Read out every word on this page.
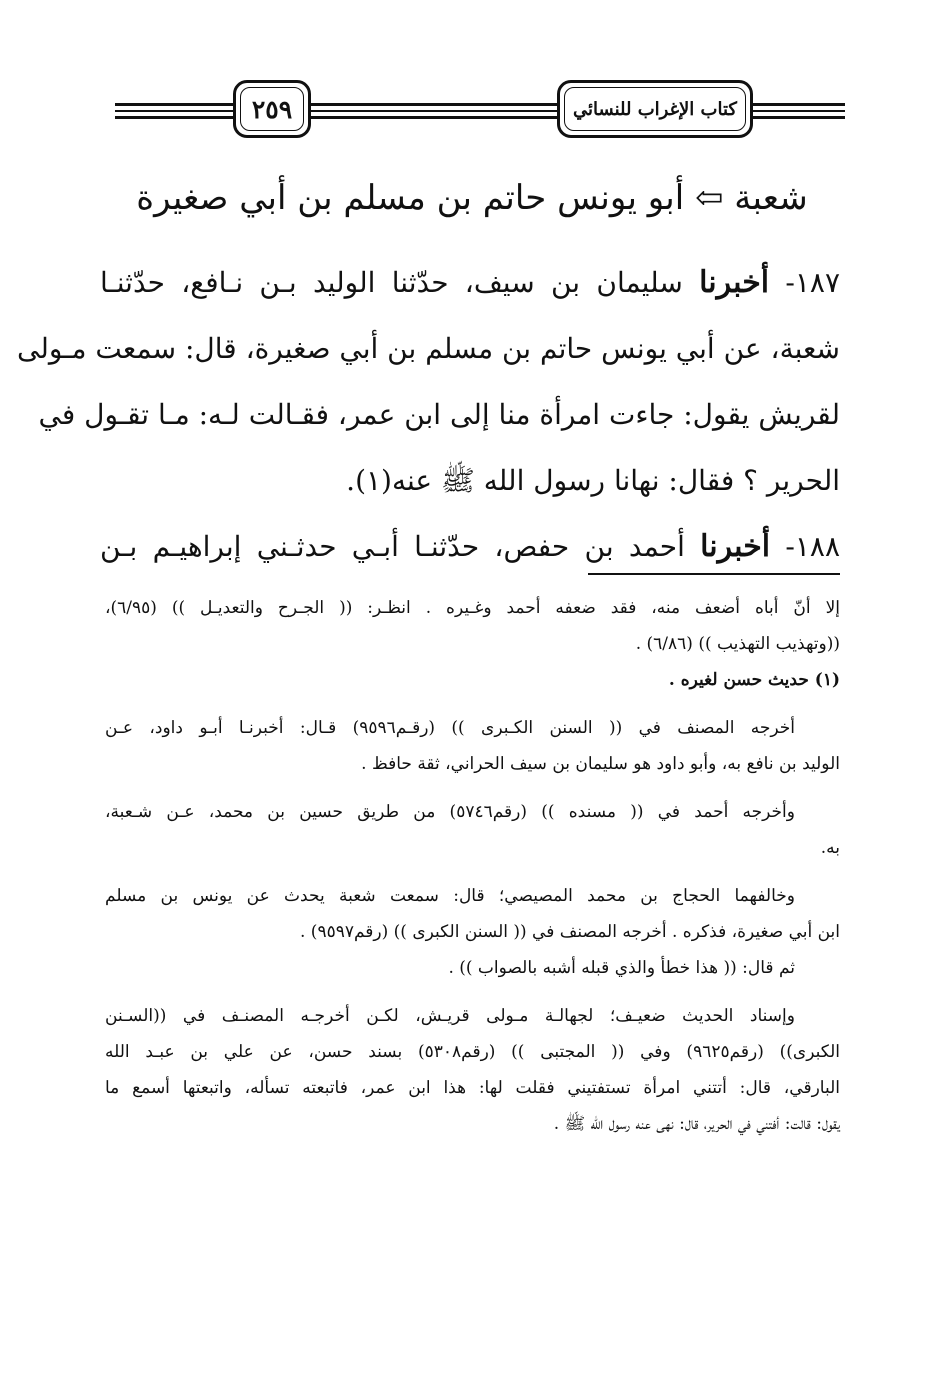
٢٥٩	كتاب الإغراب للنسائي
شعبة ⇦ أبو يونس حاتم بن مسلم بن أبي صغيرة
١٨٧- أخبرنا سليمان بن سيف، حدّثنا الوليد بـن نـافع، حدّثنـا
شعبة، عن أبي يونس حاتم بن مسلم بن أبي صغيرة، قال: سمعت مـولى
لقريش يقول: جاءت امرأة منا إلى ابن عمر، فقـالت لـه: مـا تقـول في
الحرير ؟ فقال: نهانا رسول الله ﷺ عنه(١).
١٨٨- أخبرنا أحمد بن حفص، حدّثنـا أبـي حدثـني إبراهيـم بـن
إلا أنّ أباه أضعف منه، فقد ضعفه أحمد وغـيره . انظـر: (( الجـرح والتعديـل )) (٦/٩٥)،
((وتهذيب التهذيب )) (٦/٨٦) .
(١) حديث حسن لغيره .
أخرجه المصنف في (( السنن الكـبرى )) (رقـم٩٥٩٦) قـال: أخبرنـا أبـو داود، عـن
الوليد بن نافع به، وأبو داود هو سليمان بن سيف الحراني، ثقة حافظ .
وأخرجه أحمد في (( مسنده )) (رقم٥٧٤٦) من طريق حسين بن محمد، عـن شـعبة،
به.
وخالفهما الحجاج بن محمد المصيصي؛ قال: سمعت شعبة يحدث عن يونس بن مسلم
ابن أبي صغيرة، فذكره . أخرجه المصنف في (( السنن الكبرى )) (رقم٩٥٩٧) .
ثم قال: (( هذا خطأ والذي قبله أشبه بالصواب )) .
وإسناد الحديث ضعيـف؛ لجهالـة مـولى قريـش، لكـن أخرجـه المصنـف في ((السـنن
الكبرى)) (رقم٩٦٢٥) وفي (( المجتبى )) (رقم٥٣٠٨) بسند حسن، عن علي بن عبـد الله
البارقي، قال: أتتني امرأة تستفتيني فقلت لها: هذا ابن عمر، فاتبعته تسأله، واتبعتها أسمع ما
يقول: قالت: أفتني في الحرير، قال: نهى عنه رسول الله ﷺ .
